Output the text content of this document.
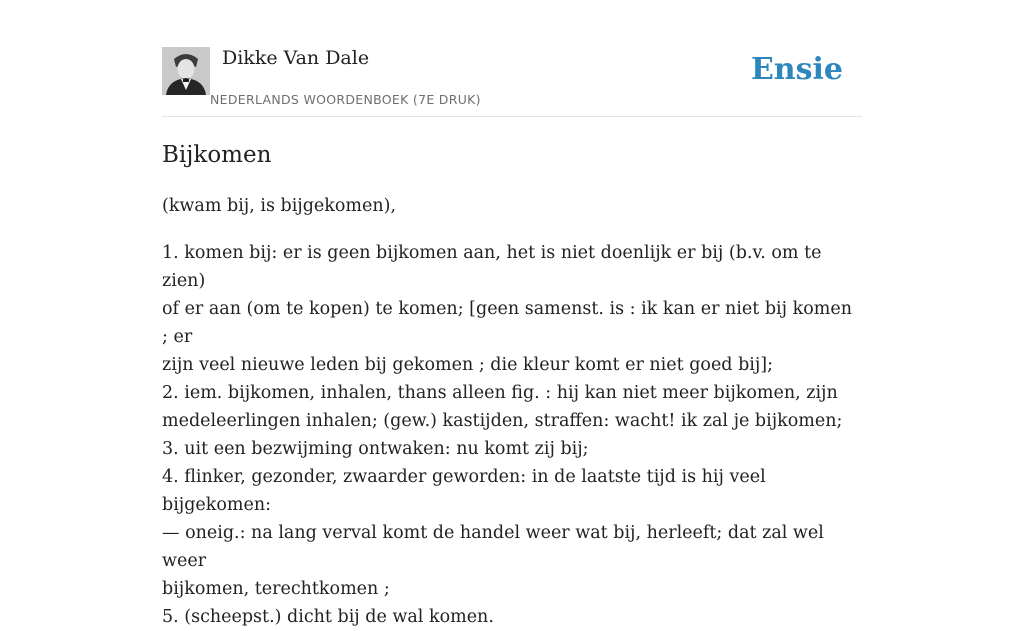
Dikke Van Dale
NEDERLANDS WOORDENBOEK (7E DRUK)
Ensie
Bijkomen

(kwam bij, is bijgekomen),

1. komen bij: er is geen bijkomen aan, het is niet doenlijk er bij (b.v. om te zien)
of er aan (om te kopen) te komen; [geen samenst. is : ik kan er niet bij komen ; er
zijn veel nieuwe leden bij gekomen ; die kleur komt er niet goed bij];
2. iem. bijkomen, inhalen, thans alleen fig. : hij kan niet meer bijkomen, zijn
medeleerlingen inhalen; (gew.) kastijden, straffen: wacht! ik zal je bijkomen;
3. uit een bezwijming ontwaken: nu komt zij bij;
4. flinker, gezonder, zwaarder geworden: in de laatste tijd is hij veel bijgekomen:
— oneig.: na lang verval komt de handel weer wat bij, herleeft; dat zal wel weer
bijkomen, terechtkomen ;
5. (scheepst.) dicht bij de wal komen.
